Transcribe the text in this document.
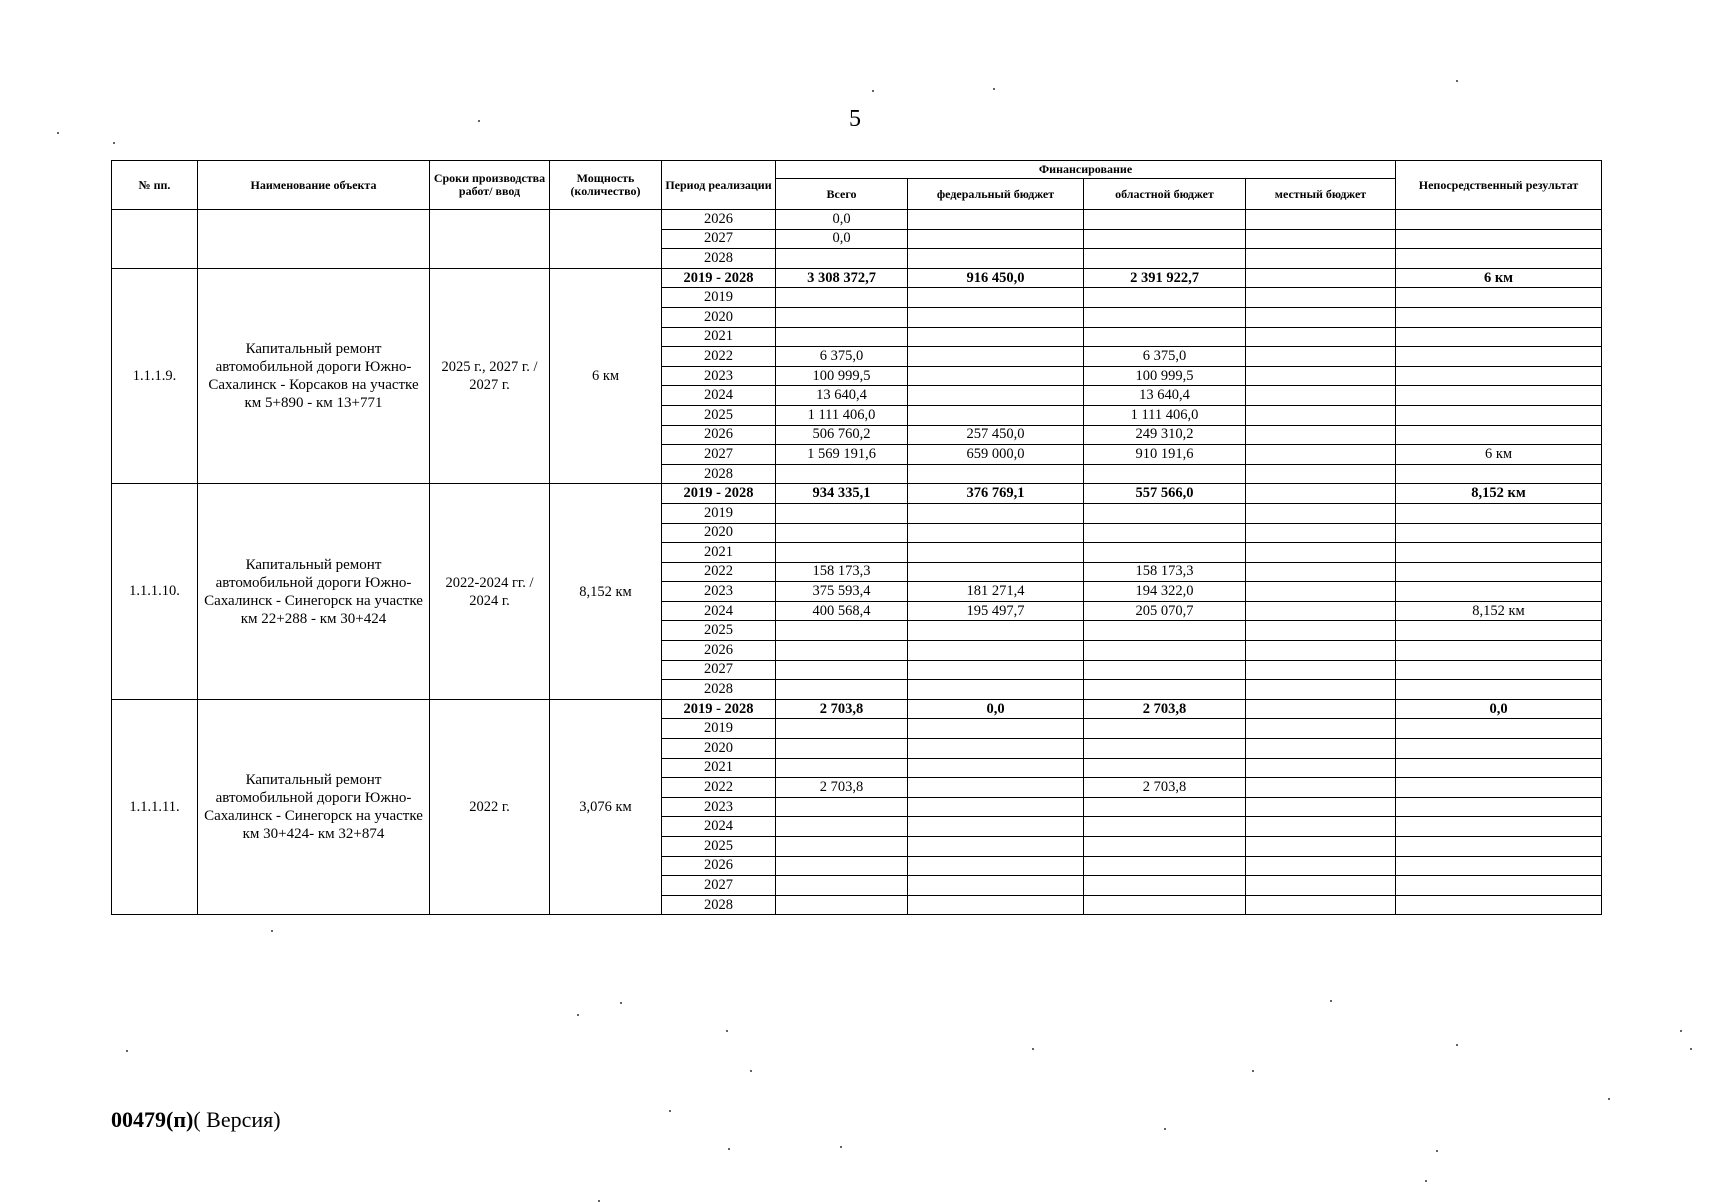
5
№ пп.	Наименование объекта	Сроки производства работ/ ввод	Мощность (количество)	Период реализации	Финансирование				Непосредственный результат
					Всего	федеральный бюджет	областной бюджет	местный бюджет	
				2026	0,0				
				2027	0,0				
				2028					
1.1.1.9.	Капитальный ремонт автомобильной дороги Южно-Сахалинск - Корсаков на участке км 5+890 - км 13+771	2025 г., 2027 г. / 2027 г.	6 км	2019 - 2028	3 308 372,7	916 450,0	2 391 922,7		6 км
				2019					
				2020					
				2021					
				2022	6 375,0		6 375,0		
				2023	100 999,5		100 999,5		
				2024	13 640,4		13 640,4		
				2025	1 111 406,0		1 111 406,0		
				2026	506 760,2	257 450,0	249 310,2		
				2027	1 569 191,6	659 000,0	910 191,6		6 км
				2028					
1.1.1.10.	Капитальный ремонт автомобильной дороги Южно-Сахалинск - Синегорск на участке км 22+288 - км 30+424	2022-2024 гг. / 2024 г.	8,152 км	2019 - 2028	934 335,1	376 769,1	557 566,0		8,152 км
				2019					
				2020					
				2021					
				2022	158 173,3		158 173,3		
				2023	375 593,4	181 271,4	194 322,0		
				2024	400 568,4	195 497,7	205 070,7		8,152 км
				2025					
				2026					
				2027					
				2028					
1.1.1.11.	Капитальный ремонт автомобильной дороги Южно-Сахалинск - Синегорск на участке км 30+424- км 32+874	2022 г.	3,076 км	2019 - 2028	2 703,8	0,0	2 703,8		0,0
				2019					
				2020					
				2021					
				2022	2 703,8		2 703,8		
				2023					
				2024					
				2025					
				2026					
				2027					
				2028					
00479(п)( Версия)
